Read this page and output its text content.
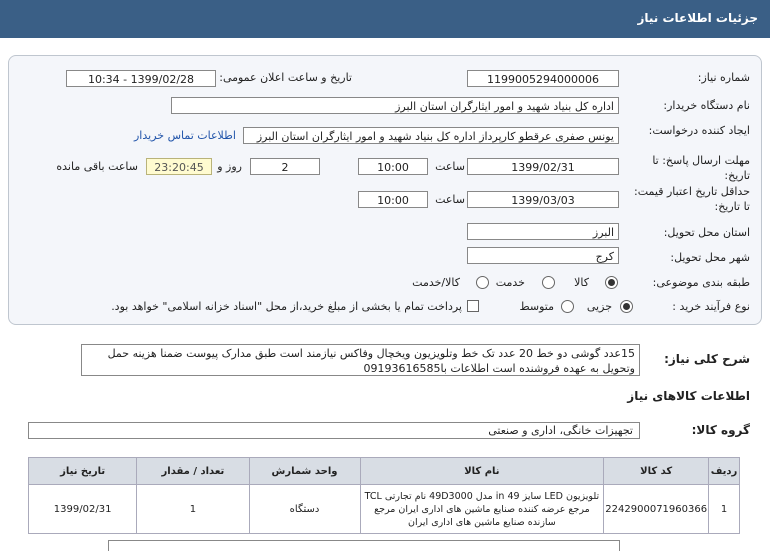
جزئیات اطلاعات نیاز
شماره نیاز:
1199005294000006
تاریخ و ساعت اعلان عمومی:
1399/02/28 - 10:34
نام دستگاه خریدار:
اداره کل بنیاد شهید و امور ایثارگران استان البرز
ایجاد کننده درخواست:
یونس صفری عرقطو کارپرداز اداره کل بنیاد شهید و امور ایثارگران استان البرز
اطلاعات تماس خریدار
مهلت ارسال پاسخ: تا تاریخ:
1399/02/31
ساعت
10:00
2
روز و
23:20:45
ساعت باقی مانده
حداقل تاریخ اعتبار قیمت: تا تاریخ:
1399/03/03
ساعت
10:00
استان محل تحویل:
البرز
شهر محل تحویل:
کرج
طبقه بندی موضوعی:
کالا
خدمت
کالا/خدمت
نوع فرآیند خرید :
جزیی
متوسط
پرداخت تمام یا بخشی از مبلغ خرید،از محل "اسناد خزانه اسلامی" خواهد بود.
شرح کلی نیاز:
15عدد گوشی دو خط 20 عدد تک خط وتلویزیون ویخچال وفاکس نیازمند است طبق مدارک پیوست ضمنا هزینه حمل وتحویل به عهده فروشنده است اطلاعات با09193616585
اطلاعات کالاهای نیاز
گروه کالا:
تجهیزات خانگی، اداری و صنعتی
ردیف	کد کالا	نام کالا	واحد شمارش	تعداد / مقدار	تاریخ نیاز
1	2242900071960366	تلویزیون LED سایز 49 in مدل 49D3000 نام تجارتی TCL مرجع عرضه کننده صنایع ماشین های اداری ایران مرجع سازنده صنایع ماشین های اداری ایران	دستگاه	1	1399/02/31
